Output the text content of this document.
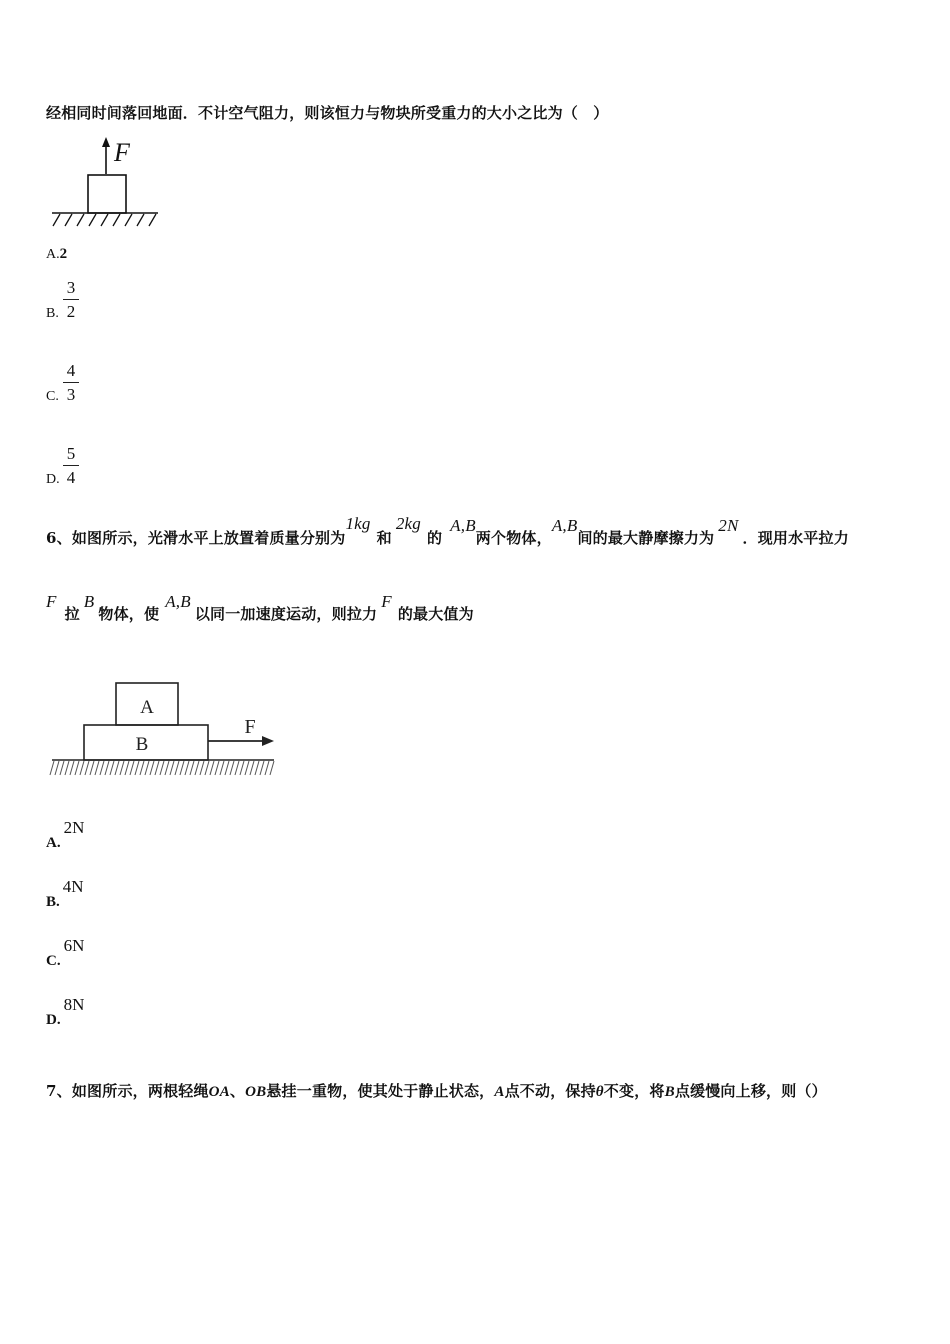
经相同时间落回地面．不计空气阻力，则该恒力与物块所受重力的大小之比为（　）
F
A.2
B.
3
2
C.
4
3
D.
5
4
6、如图所示，光滑水平上放置着质量分别为1kg和2kg的A,B两个物体，A,B间的最大静摩擦力为2N．现用水平拉力
F拉B物体，使A,B以同一加速度运动，则拉力F的最大值为
A
B
F
A.2N
B.4N
C.6N
D.8N
7、如图所示，两根轻绳OA、OB悬挂一重物，使其处于静止状态，A点不动，保持θ不变，将B点缓慢向上移，则（）
